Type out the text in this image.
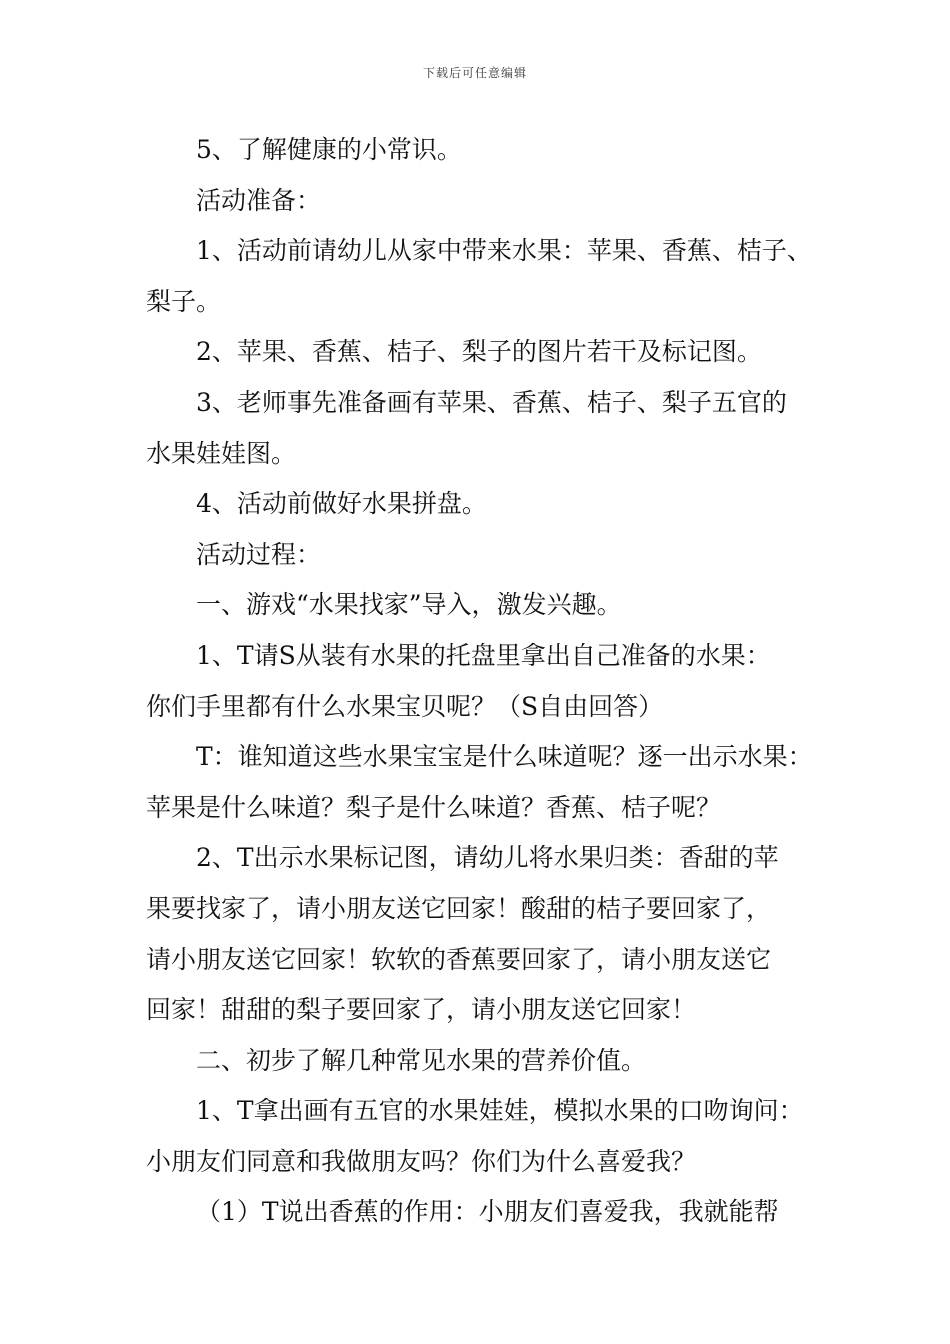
下载后可任意编辑
5、了解健康的小常识。
活动准备：
1、活动前请幼儿从家中带来水果：苹果、香蕉、桔子、
梨子。
2、苹果、香蕉、桔子、梨子的图片若干及标记图。
3、老师事先准备画有苹果、香蕉、桔子、梨子五官的
水果娃娃图。
4、活动前做好水果拼盘。
活动过程：
一、游戏“水果找家”导入，激发兴趣。
1、T请S从装有水果的托盘里拿出自己准备的水果：
你们手里都有什么水果宝贝呢？（S自由回答）
T：谁知道这些水果宝宝是什么味道呢？逐一出示水果：
苹果是什么味道？梨子是什么味道？香蕉、桔子呢？
2、T出示水果标记图，请幼儿将水果归类：香甜的苹
果要找家了，请小朋友送它回家！酸甜的桔子要回家了，
请小朋友送它回家！软软的香蕉要回家了，请小朋友送它
回家！甜甜的梨子要回家了，请小朋友送它回家！
二、初步了解几种常见水果的营养价值。
1、T拿出画有五官的水果娃娃，模拟水果的口吻询问：
小朋友们同意和我做朋友吗？你们为什么喜爱我？
（1）T说出香蕉的作用：小朋友们喜爱我，我就能帮
